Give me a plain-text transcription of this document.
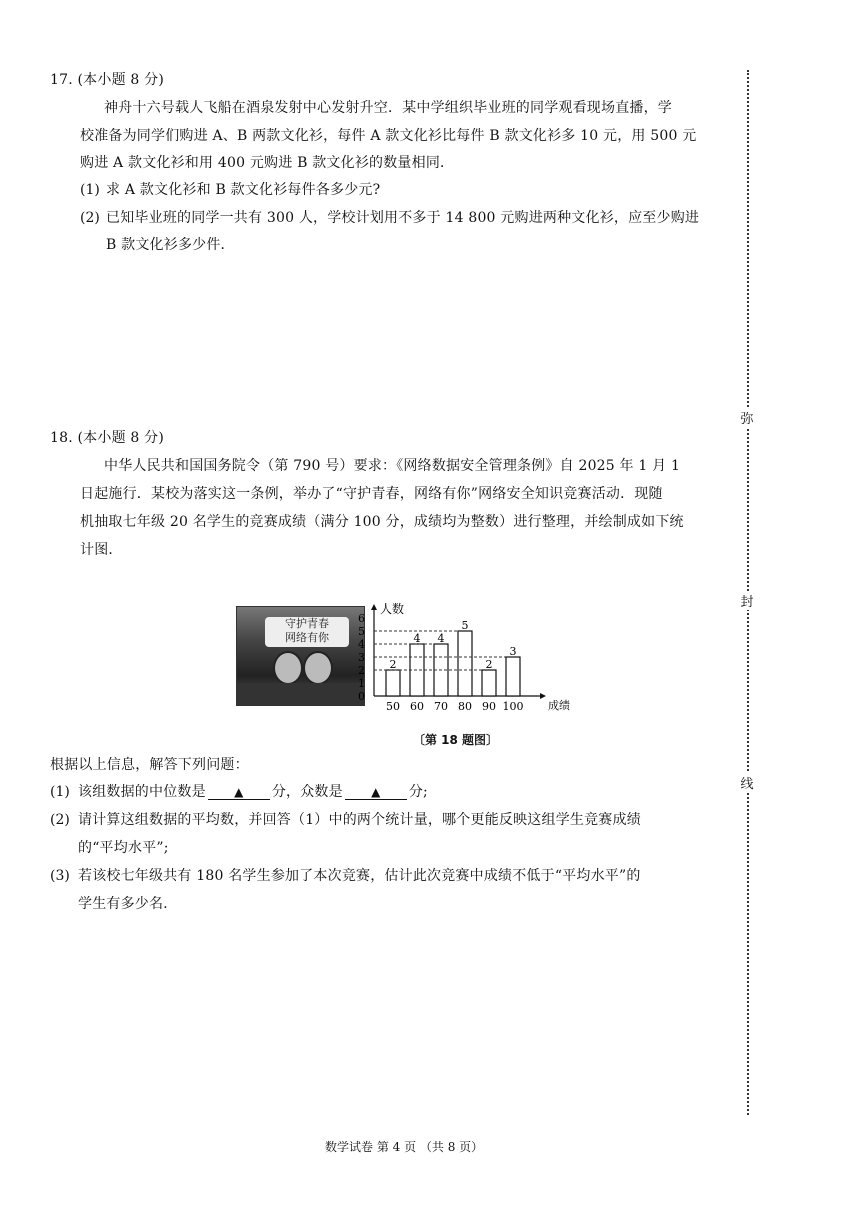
17. (本小题 8 分)
神舟十六号载人飞船在酒泉发射中心发射升空．某中学组织毕业班的同学观看现场直播，学
校准备为同学们购进 A、B 两款文化衫，每件 A 款文化衫比每件 B 款文化衫多 10 元，用 500 元
购进 A 款文化衫和用 400 元购进 B 款文化衫的数量相同．
(1) 求 A 款文化衫和 B 款文化衫每件各多少元?
(2) 已知毕业班的同学一共有 300 人，学校计划用不多于 14 800 元购进两种文化衫，应至少购进
B 款文化衫多少件．
18. (本小题 8 分)
中华人民共和国国务院令（第 790 号）要求：《网络数据安全管理条例》自 2025 年 1 月 1
日起施行．某校为落实这一条例，举办了“守护青春，网络有你”网络安全知识竞赛活动．现随
机抽取七年级 20 名学生的竞赛成绩（满分 100 分，成绩均为整数）进行整理，并绘制成如下统
计图．
守护青春
网络有你
人数
成绩
0
1
2
3
4
5
6
2
50
4
60
4
70
5
80
2
90
3
100
〔第 18 题图〕
根据以上信息，解答下列问题：
(1) 该组数据的中位数是 ▲ 分，众数是 ▲ 分;
(2) 请计算这组数据的平均数，并回答（1）中的两个统计量，哪个更能反映这组学生竞赛成绩
的“平均水平”;
(3) 若该校七年级共有 180 名学生参加了本次竞赛，估计此次竞赛中成绩不低于“平均水平”的
学生有多少名．
弥
封
线
数学试卷 第 4 页 （共 8 页）
